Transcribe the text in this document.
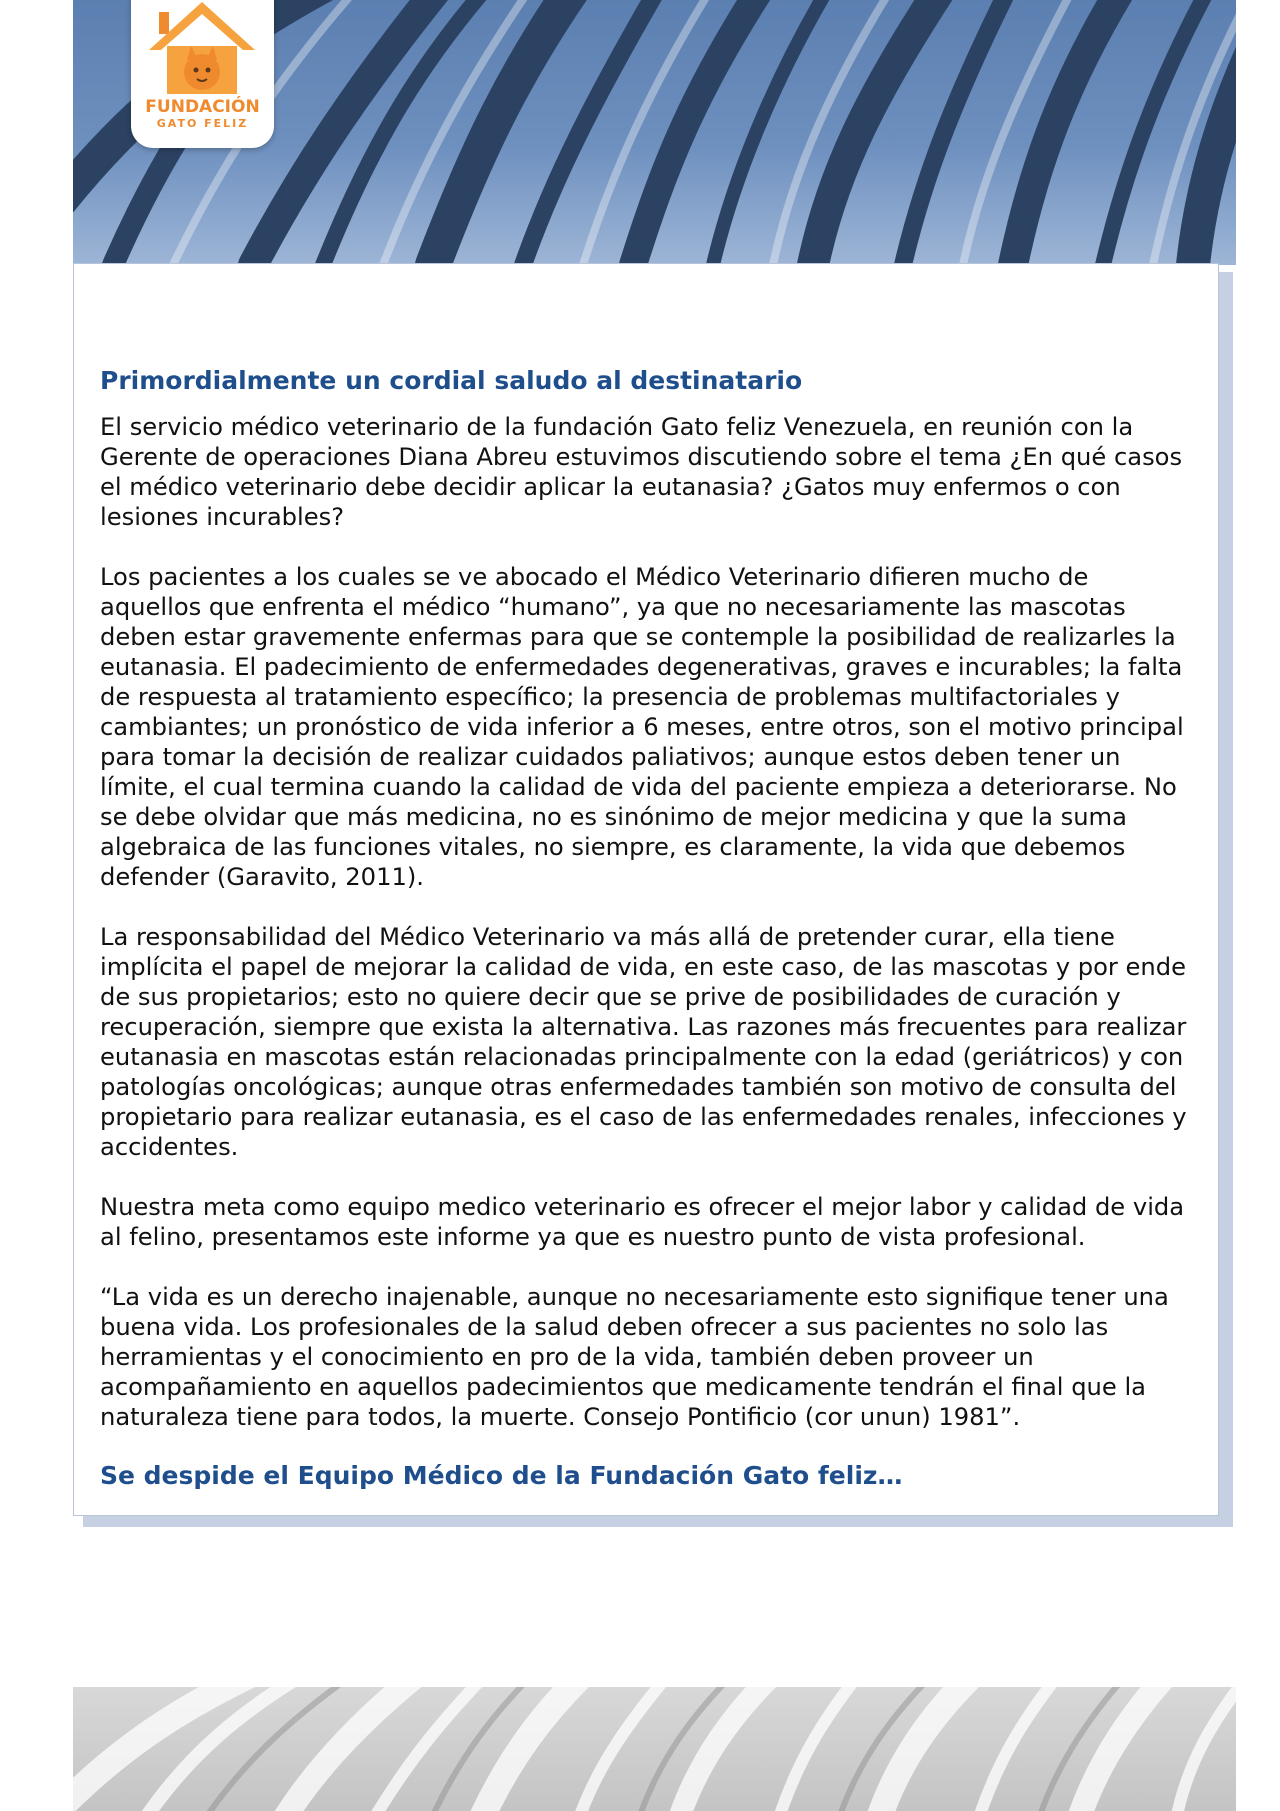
FUNDACIÓN
GATO FELIZ
Primordialmente un cordial saludo al destinatario

El servicio médico veterinario de la fundación Gato feliz Venezuela, en reunión con la Gerente de operaciones Diana Abreu estuvimos discutiendo sobre el tema ¿En qué casos el médico veterinario debe decidir aplicar la eutanasia? ¿Gatos muy enfermos o con lesiones incurables?

Los pacientes a los cuales se ve abocado el Médico Veterinario difieren mucho de aquellos que enfrenta el médico “humano”, ya que no necesariamente las mascotas deben estar gravemente enfermas para que se contemple la posibilidad de realizarles la eutanasia. El padecimiento de enfermedades degenerativas, graves e incurables; la falta de respuesta al tratamiento específico; la presencia de problemas multifactoriales y cambiantes; un pronóstico de vida inferior a 6 meses, entre otros, son el motivo principal para tomar la decisión de realizar cuidados paliativos; aunque estos deben tener un límite, el cual termina cuando la calidad de vida del paciente empieza a deteriorarse. No se debe olvidar que más medicina, no es sinónimo de mejor medicina y que la suma algebraica de las funciones vitales, no siempre, es claramente, la vida que debemos defender (Garavito, 2011).

La responsabilidad del Médico Veterinario va más allá de pretender curar, ella tiene implícita el papel de mejorar la calidad de vida, en este caso, de las mascotas y por ende de sus propietarios; esto no quiere decir que se prive de posibilidades de curación y recuperación, siempre que exista la alternativa. Las razones más frecuentes para realizar eutanasia en mascotas están relacionadas principalmente con la edad (geriátricos) y con patologías oncológicas; aunque otras enfermedades también son motivo de consulta del propietario para realizar eutanasia, es el caso de las enfermedades renales, infecciones y accidentes.

Nuestra meta como equipo medico veterinario es ofrecer el mejor labor y calidad de vida al felino, presentamos este informe ya que es nuestro punto de vista profesional.

“La vida es un derecho inajenable, aunque no necesariamente esto signifique tener una buena vida. Los profesionales de la salud deben ofrecer a sus pacientes no solo las herramientas y el conocimiento en pro de la vida, también deben proveer un acompañamiento en aquellos padecimientos que medicamente tendrán el final que la naturaleza tiene para todos, la muerte. Consejo Pontificio (cor unun) 1981”.

Se despide el Equipo Médico de la Fundación Gato feliz…
